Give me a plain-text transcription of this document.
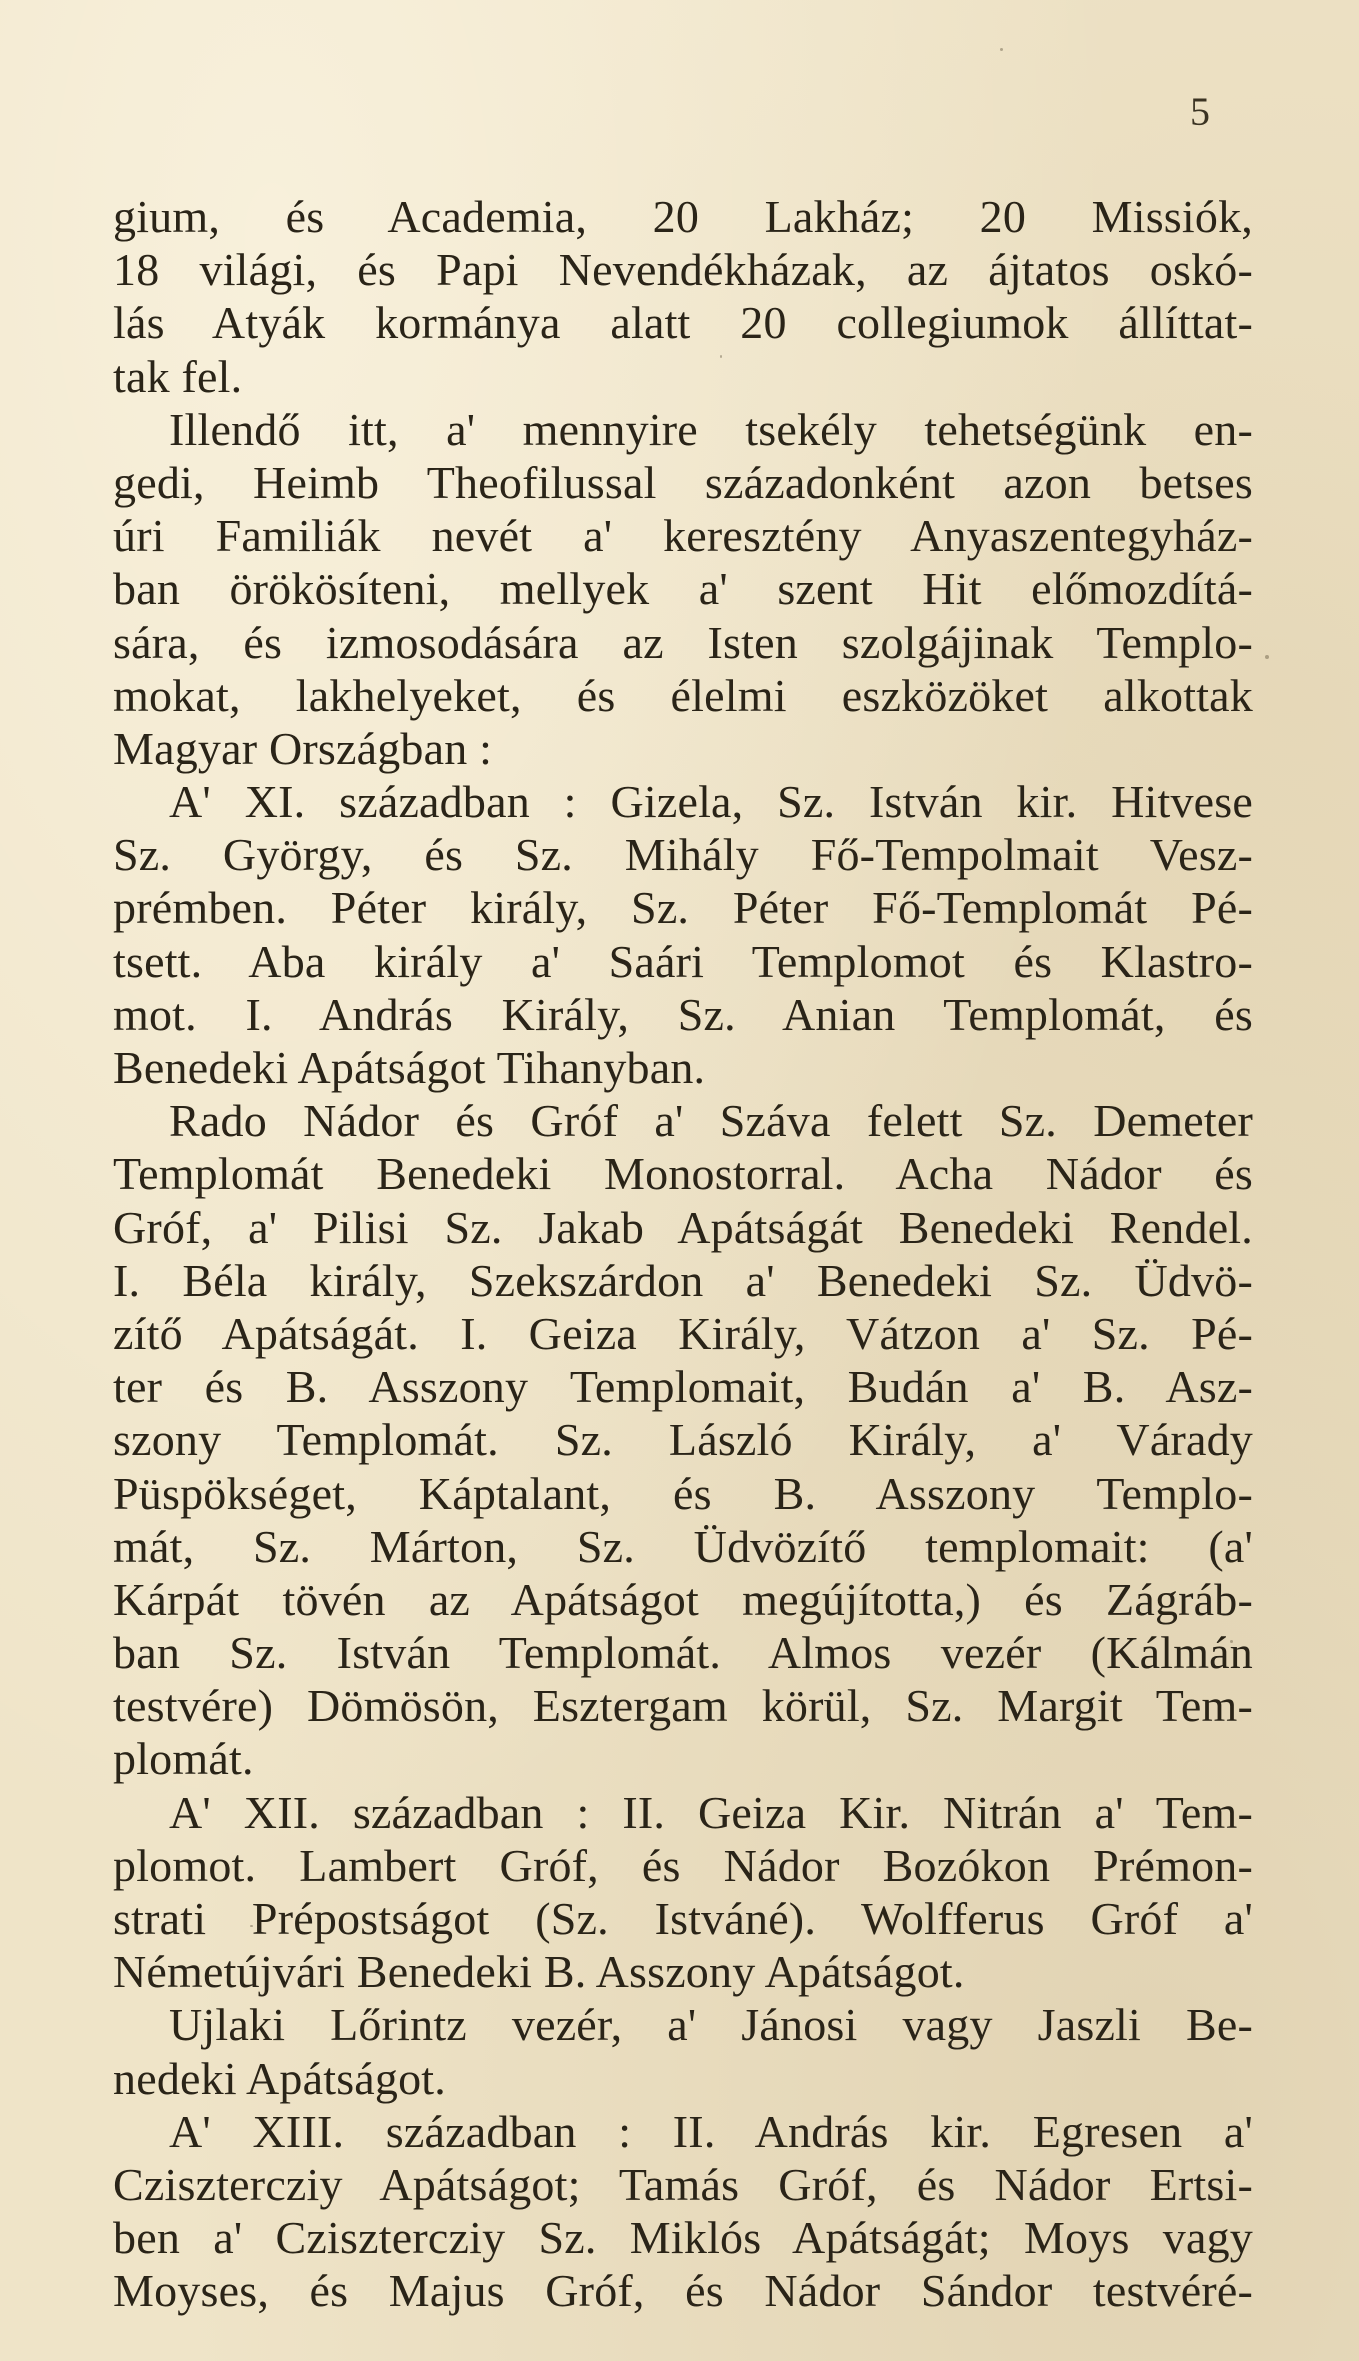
5
gium, és Academia, 20 Lakház; 20 Missiók,
18 világi, és Papi Nevendékházak, az ájtatos oskó-
lás Atyák kormánya alatt 20 collegiumok állíttat-
tak fel.
Illendő itt, a' mennyire tsekély tehetségünk en-
gedi, Heimb Theofilussal századonként azon betses
úri Familiák nevét a' keresztény Anyaszentegyház-
ban örökösíteni, mellyek a' szent Hit előmozdítá-
sára, és izmosodására az Isten szolgájinak Templo-
mokat, lakhelyeket, és élelmi eszközöket alkottak
Magyar Országban :
A' XI. században : Gizela, Sz. István kir. Hitvese
Sz. György, és Sz. Mihály Fő-Tempolmait Vesz-
prémben. Péter király, Sz. Péter Fő-Templomát Pé-
tsett. Aba király a' Saári Templomot és Klastro-
mot. I. András Király, Sz. Anian Templomát, és
Benedeki Apátságot Tihanyban.
Rado Nádor és Gróf a' Száva felett Sz. Demeter
Templomát Benedeki Monostorral. Acha Nádor és
Gróf, a' Pilisi Sz. Jakab Apátságát Benedeki Rendel.
I. Béla király, Szekszárdon a' Benedeki Sz. Üdvö-
zítő Apátságát. I. Geiza Király, Vátzon a' Sz. Pé-
ter és B. Asszony Templomait, Budán a' B. Asz-
szony Templomát. Sz. László Király, a' Várady
Püspökséget, Káptalant, és B. Asszony Templo-
mát, Sz. Márton, Sz. Üdvözítő templomait: (a'
Kárpát tövén az Apátságot megújította,) és Zágráb-
ban Sz. István Templomát. Almos vezér (Kálmán
testvére) Dömösön, Esztergam körül, Sz. Margit Tem-
plomát.
A' XII. században : II. Geiza Kir. Nitrán a' Tem-
plomot. Lambert Gróf, és Nádor Bozókon Prémon-
strati Prépostságot (Sz. Istváné). Wolfferus Gróf a'
Németújvári Benedeki B. Asszony Apátságot.
Ujlaki Lőrintz vezér, a' Jánosi vagy Jaszli Be-
nedeki Apátságot.
A' XIII. században : II. András kir. Egresen a'
Czisztercziy Apátságot; Tamás Gróf, és Nádor Ertsi-
ben a' Czisztercziy Sz. Miklós Apátságát; Moys vagy
Moyses, és Majus Gróf, és Nádor Sándor testvéré-
